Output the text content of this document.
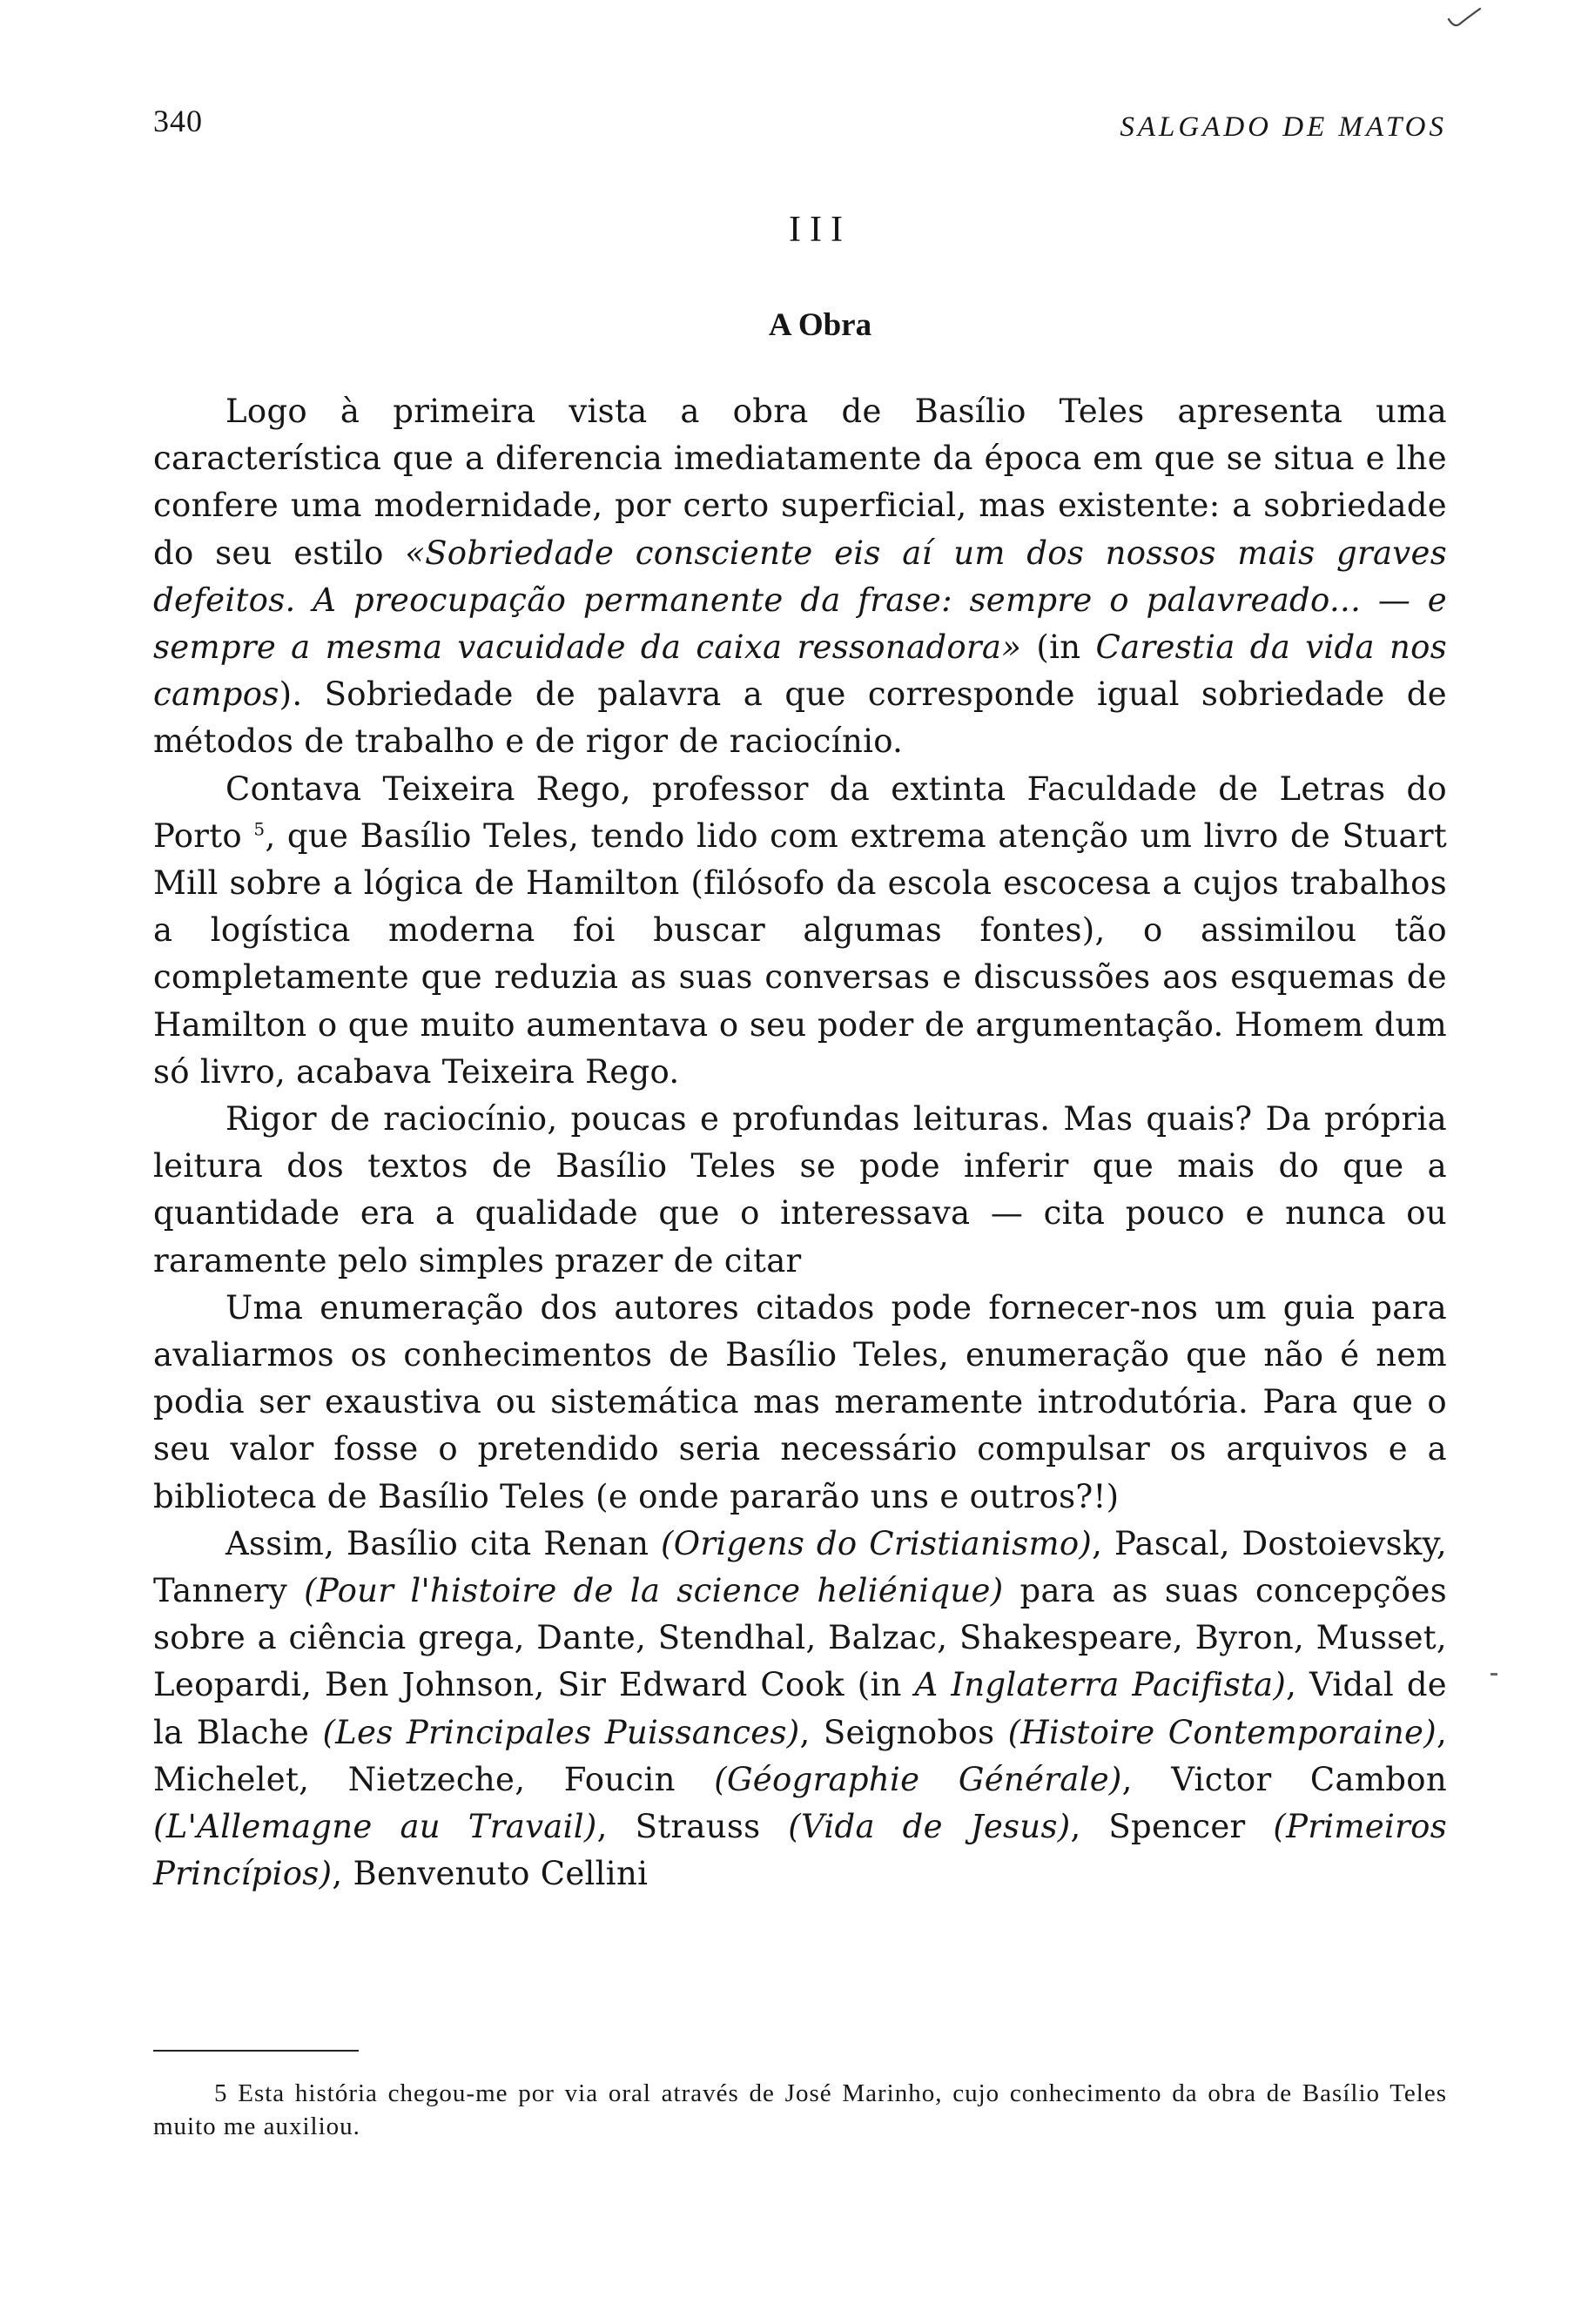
340	SALGADO DE MATOS
III
A Obra

Logo à primeira vista a obra de Basílio Teles apresenta uma característica que a diferencia imediatamente da época em que se situa e lhe confere uma modernidade, por certo superficial, mas existente: a sobriedade do seu estilo «Sobriedade consciente eis aí um dos nossos mais graves defeitos. A preocupação permanente da frase: sempre o palavreado... — e sempre a mesma vacuidade da caixa ressonadora» (in Carestia da vida nos campos). Sobriedade de palavra a que corresponde igual sobriedade de métodos de trabalho e de rigor de raciocínio.

Contava Teixeira Rego, professor da extinta Faculdade de Letras do Porto $^5$, que Basílio Teles, tendo lido com extrema atenção um livro de Stuart Mill sobre a lógica de Hamilton (filósofo da escola escocesa a cujos trabalhos a logística moderna foi buscar algumas fontes), o assimilou tão completamente que reduzia as suas conversas e discussões aos esquemas de Hamilton o que muito aumentava o seu poder de argumentação. Homem dum só livro, acabava Teixeira Rego.

Rigor de raciocínio, poucas e profundas leituras. Mas quais? Da própria leitura dos textos de Basílio Teles se pode inferir que mais do que a quantidade era a qualidade que o interessava — cita pouco e nunca ou raramente pelo simples prazer de citar

Uma enumeração dos autores citados pode fornecer-nos um guia para avaliarmos os conhecimentos de Basílio Teles, enumeração que não é nem podia ser exaustiva ou sistemática mas meramente introdutória. Para que o seu valor fosse o pretendido seria necessário compulsar os arquivos e a biblioteca de Basílio Teles (e onde pararão uns e outros?!)

Assim, Basílio cita Renan (Origens do Cristianismo), Pascal, Dostoievsky, Tannery (Pour l'histoire de la science heliénique) para as suas concepções sobre a ciência grega, Dante, Stendhal, Balzac, Shakespeare, Byron, Musset, Leopardi, Ben Johnson, Sir Edward Cook (in A Inglaterra Pacifista), Vidal de la Blache (Les Principales Puissances), Seignobos (Histoire Contemporaine), Michelet, Nietzeche, Foucin (Géographie Générale), Victor Cambon (L'Allemagne au Travail), Strauss (Vida de Jesus), Spencer (Primeiros Princípios), Benvenuto Cellini

5 Esta história chegou-me por via oral através de José Marinho, cujo conhecimento da obra de Basílio Teles muito me auxiliou.
